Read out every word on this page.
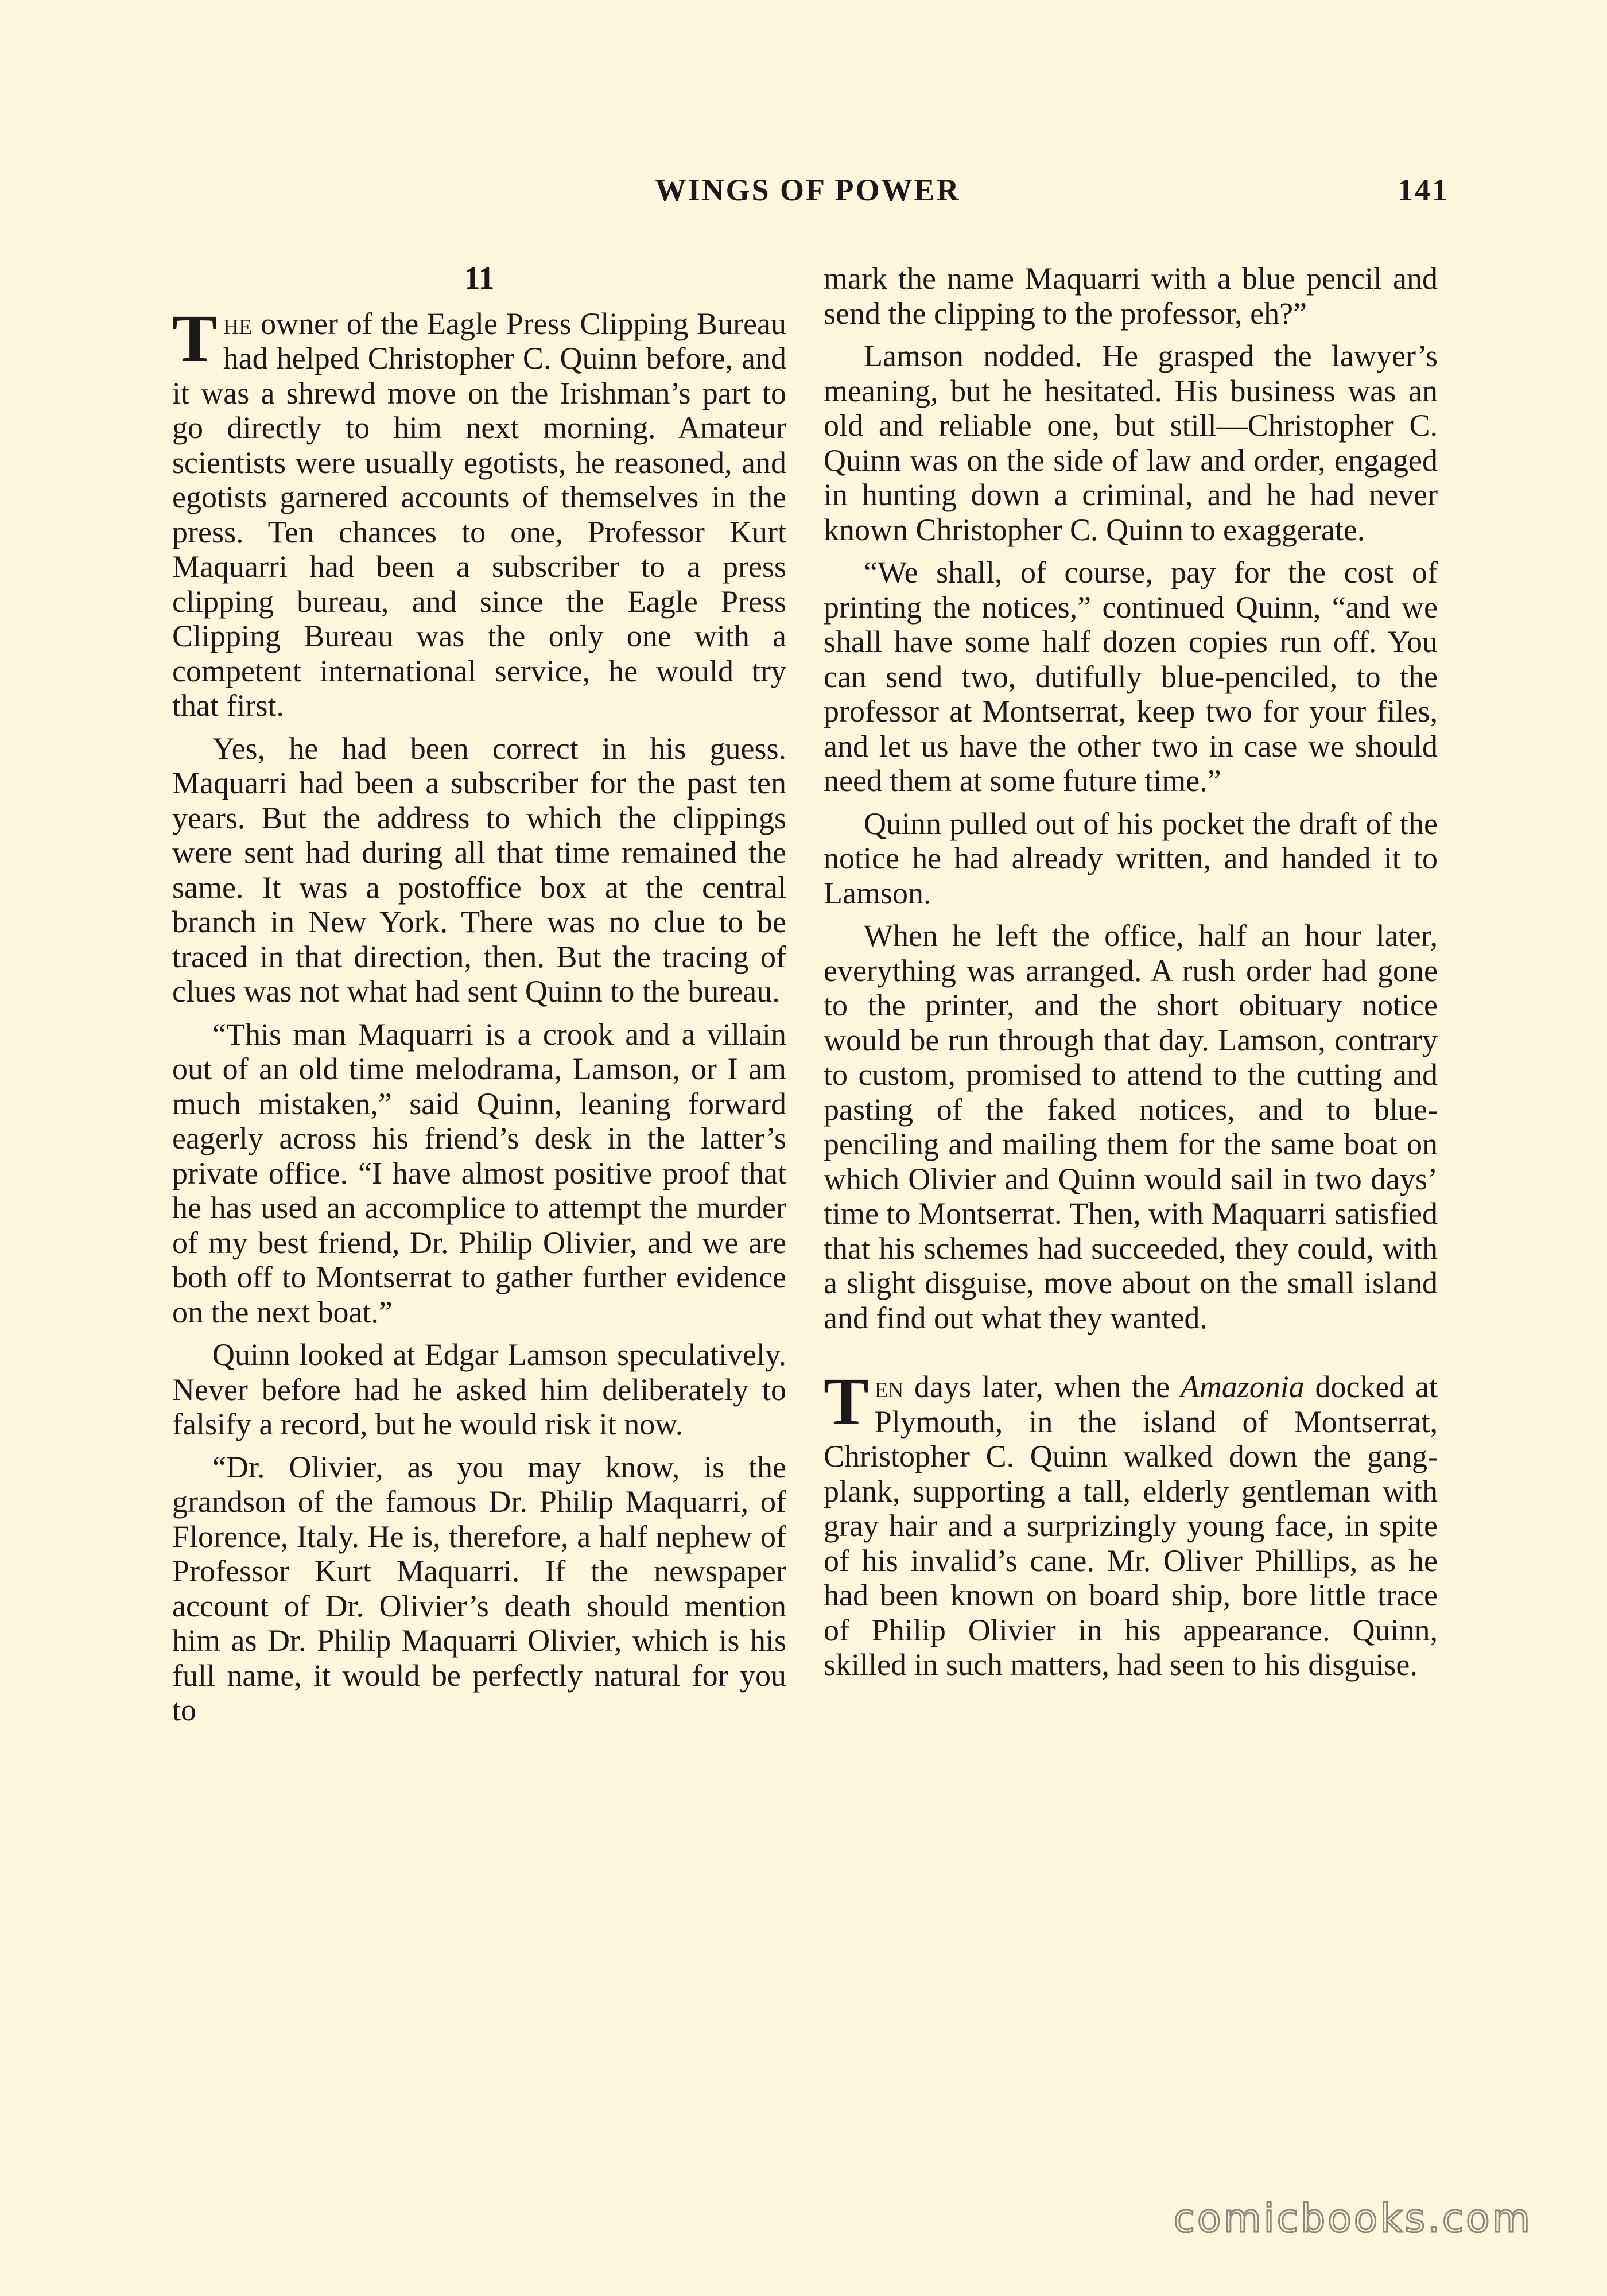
WINGS OF POWER	141
11

The owner of the Eagle Press Clipping Bureau had helped Christopher C. Quinn before, and it was a shrewd move on the Irishman’s part to go directly to him next morning. Amateur scientists were usually egotists, he reasoned, and egotists garnered accounts of themselves in the press. Ten chances to one, Professor Kurt Maquarri had been a subscriber to a press clipping bureau, and since the Eagle Press Clipping Bureau was the only one with a competent international service, he would try that first.

Yes, he had been correct in his guess. Maquarri had been a subscriber for the past ten years. But the address to which the clippings were sent had during all that time remained the same. It was a postoffice box at the central branch in New York. There was no clue to be traced in that direction, then. But the tracing of clues was not what had sent Quinn to the bureau.

“This man Maquarri is a crook and a villain out of an old time melodrama, Lamson, or I am much mistaken,” said Quinn, leaning forward eagerly across his friend’s desk in the latter’s private office. “I have almost positive proof that he has used an accomplice to attempt the murder of my best friend, Dr. Philip Olivier, and we are both off to Montserrat to gather further evidence on the next boat.”

Quinn looked at Edgar Lamson speculatively. Never before had he asked him deliberately to falsify a record, but he would risk it now.

“Dr. Olivier, as you may know, is the grandson of the famous Dr. Philip Maquarri, of Florence, Italy. He is, therefore, a half nephew of Professor Kurt Maquarri. If the newspaper account of Dr. Olivier’s death should mention him as Dr. Philip Maquarri Olivier, which is his full name, it would be perfectly natural for you to

mark the name Maquarri with a blue pencil and send the clipping to the professor, eh?”

Lamson nodded. He grasped the lawyer’s meaning, but he hesitated. His business was an old and reliable one, but still—Christopher C. Quinn was on the side of law and order, engaged in hunting down a criminal, and he had never known Christopher C. Quinn to exaggerate.

“We shall, of course, pay for the cost of printing the notices,” continued Quinn, “and we shall have some half dozen copies run off. You can send two, dutifully blue-penciled, to the professor at Montserrat, keep two for your files, and let us have the other two in case we should need them at some future time.”

Quinn pulled out of his pocket the draft of the notice he had already written, and handed it to Lamson.

When he left the office, half an hour later, everything was arranged. A rush order had gone to the printer, and the short obituary notice would be run through that day. Lamson, contrary to custom, promised to attend to the cutting and pasting of the faked notices, and to blue-penciling and mailing them for the same boat on which Olivier and Quinn would sail in two days’ time to Montserrat. Then, with Maquarri satisfied that his schemes had succeeded, they could, with a slight disguise, move about on the small island and find out what they wanted.

Ten days later, when the Amazonia docked at Plymouth, in the island of Montserrat, Christopher C. Quinn walked down the gang-plank, supporting a tall, elderly gentleman with gray hair and a surprizingly young face, in spite of his invalid’s cane. Mr. Oliver Phillips, as he had been known on board ship, bore little trace of Philip Olivier in his appearance. Quinn, skilled in such matters, had seen to his disguise.

comicbooks.com
